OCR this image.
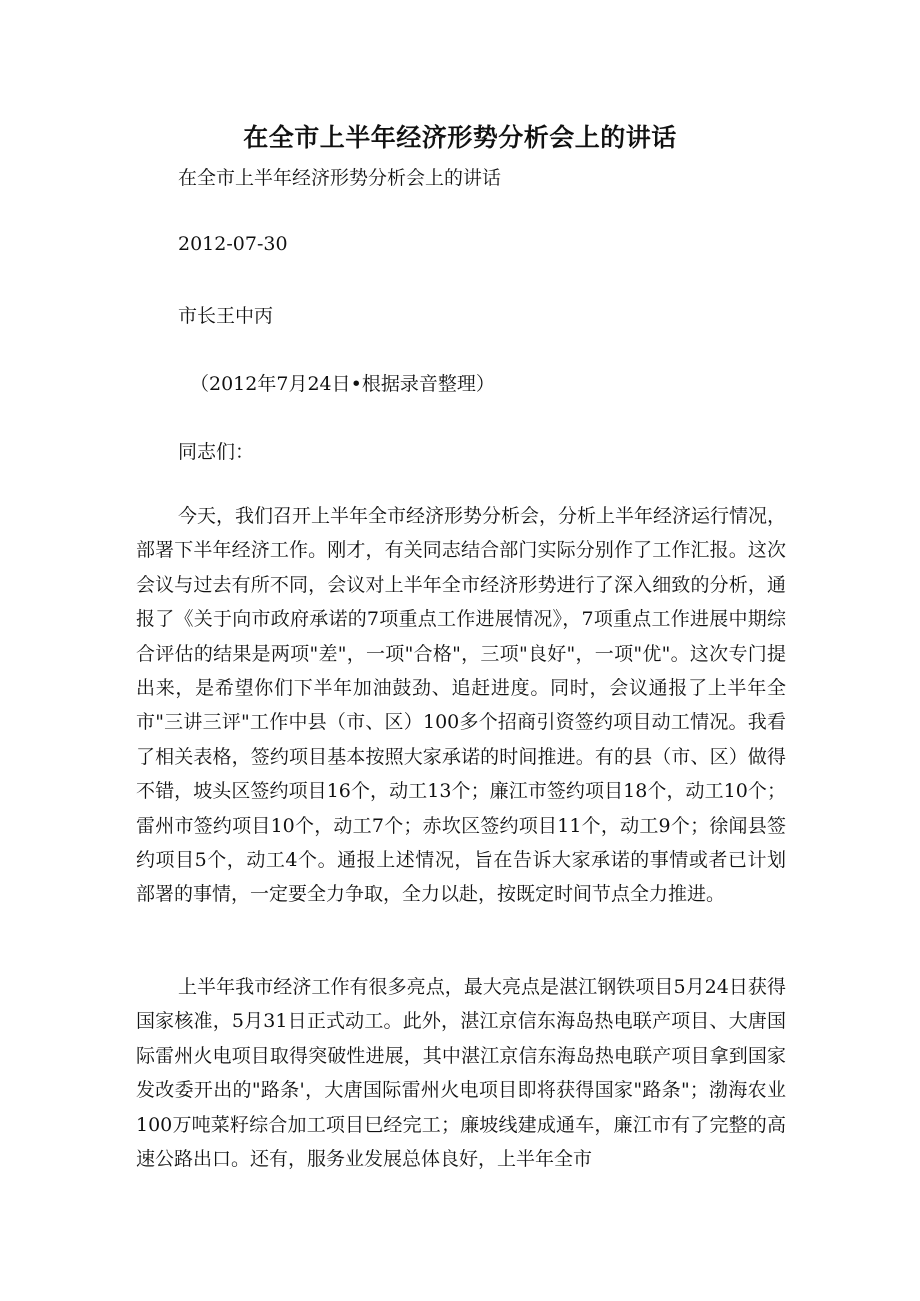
在全市上半年经济形势分析会上的讲话

在全市上半年经济形势分析会上的讲话

2012-07-30

市长王中丙

（2012年7月24日•根据录音整理）

同志们：

今天，我们召开上半年全市经济形势分析会，分析上半年经济运行情况，部署下半年经济工作。刚才，有关同志结合部门实际分别作了工作汇报。这次会议与过去有所不同，会议对上半年全市经济形势进行了深入细致的分析，通报了《关于向市政府承诺的7项重点工作进展情况》，7项重点工作进展中期综合评估的结果是两项"差"，一项"合格"，三项"良好"，一项"优"。这次专门提出来，是希望你们下半年加油鼓劲、追赶进度。同时，会议通报了上半年全市"三讲三评"工作中县（市、区）100多个招商引资签约项目动工情况。我看了相关表格，签约项目基本按照大家承诺的时间推进。有的县（市、区）做得不错，坡头区签约项目16个，动工13个；廉江市签约项目18个，动工10个；雷州市签约项目10个，动工7个；赤坎区签约项目11个，动工9个；徐闻县签约项目5个，动工4个。通报上述情况，旨在告诉大家承诺的事情或者已计划部署的事情，一定要全力争取，全力以赴，按既定时间节点全力推进。

上半年我市经济工作有很多亮点，最大亮点是湛江钢铁项目5月24日获得国家核准，5月31日正式动工。此外，湛江京信东海岛热电联产项目、大唐国际雷州火电项目取得突破性进展，其中湛江京信东海岛热电联产项目拿到国家发改委开出的"路条'，大唐国际雷州火电项目即将获得国家"路条"；渤海农业100万吨菜籽综合加工项目巳经完工；廉坡线建成通车，廉江市有了完整的高速公路出口。还有，服务业发展总体良好，上半年全市
